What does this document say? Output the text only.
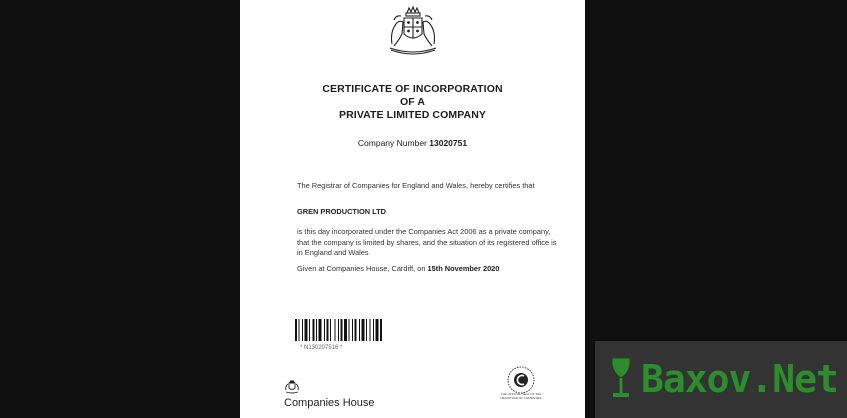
CERTIFICATE OF INCORPORATION
OF A
PRIVATE LIMITED COMPANY
Company Number 13020751
The Registrar of Companies for England and Wales, hereby certifies that
GREN PRODUCTION LTD
is this day incorporated under the Companies Act 2006 as a private company, that the company is limited by shares, and the situation of its registered office is in England and Wales
Given at Companies House, Cardiff, on 15th November 2020
* N130207516 *
Companies House
THE OFFICIAL SEAL OF THE REGISTRAR OF COMPANIES	Baxov.Net
